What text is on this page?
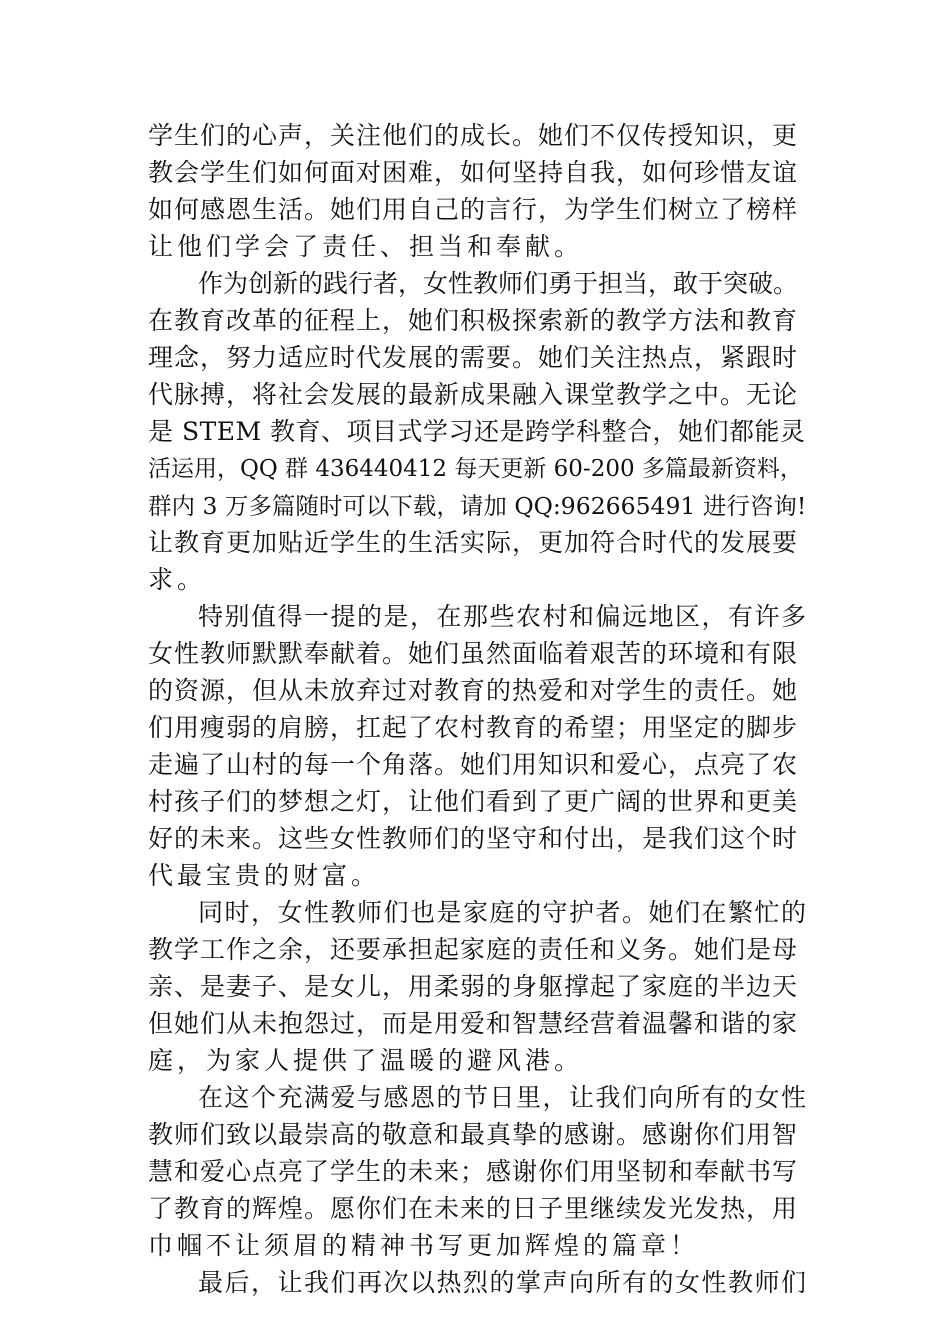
学生们的心声，关注他们的成长。她们不仅传授知识，更
教会学生们如何面对困难，如何坚持自我，如何珍惜友谊
如何感恩生活。她们用自己的言行，为学生们树立了榜样
让他们学会了责任、担当和奉献。
作为创新的践行者，女性教师们勇于担当，敢于突破。
在教育改革的征程上，她们积极探索新的教学方法和教育
理念，努力适应时代发展的需要。她们关注热点，紧跟时
代脉搏，将社会发展的最新成果融入课堂教学之中。无论
是 STEM 教育、项目式学习还是跨学科整合，她们都能灵
活运用，QQ 群 436440412 每天更新 60-200 多篇最新资料，
群内 3 万多篇随时可以下载，请加 QQ:962665491 进行咨询!
让教育更加贴近学生的生活实际，更加符合时代的发展要
求。
特别值得一提的是，在那些农村和偏远地区，有许多
女性教师默默奉献着。她们虽然面临着艰苦的环境和有限
的资源，但从未放弃过对教育的热爱和对学生的责任。她
们用瘦弱的肩膀，扛起了农村教育的希望；用坚定的脚步
走遍了山村的每一个角落。她们用知识和爱心，点亮了农
村孩子们的梦想之灯，让他们看到了更广阔的世界和更美
好的未来。这些女性教师们的坚守和付出，是我们这个时
代最宝贵的财富。
同时，女性教师们也是家庭的守护者。她们在繁忙的
教学工作之余，还要承担起家庭的责任和义务。她们是母
亲、是妻子、是女儿，用柔弱的身躯撑起了家庭的半边天
但她们从未抱怨过，而是用爱和智慧经营着温馨和谐的家
庭，为家人提供了温暖的避风港。
在这个充满爱与感恩的节日里，让我们向所有的女性
教师们致以最崇高的敬意和最真挚的感谢。感谢你们用智
慧和爱心点亮了学生的未来；感谢你们用坚韧和奉献书写
了教育的辉煌。愿你们在未来的日子里继续发光发热，用
巾帼不让须眉的精神书写更加辉煌的篇章！
最后，让我们再次以热烈的掌声向所有的女性教师们
